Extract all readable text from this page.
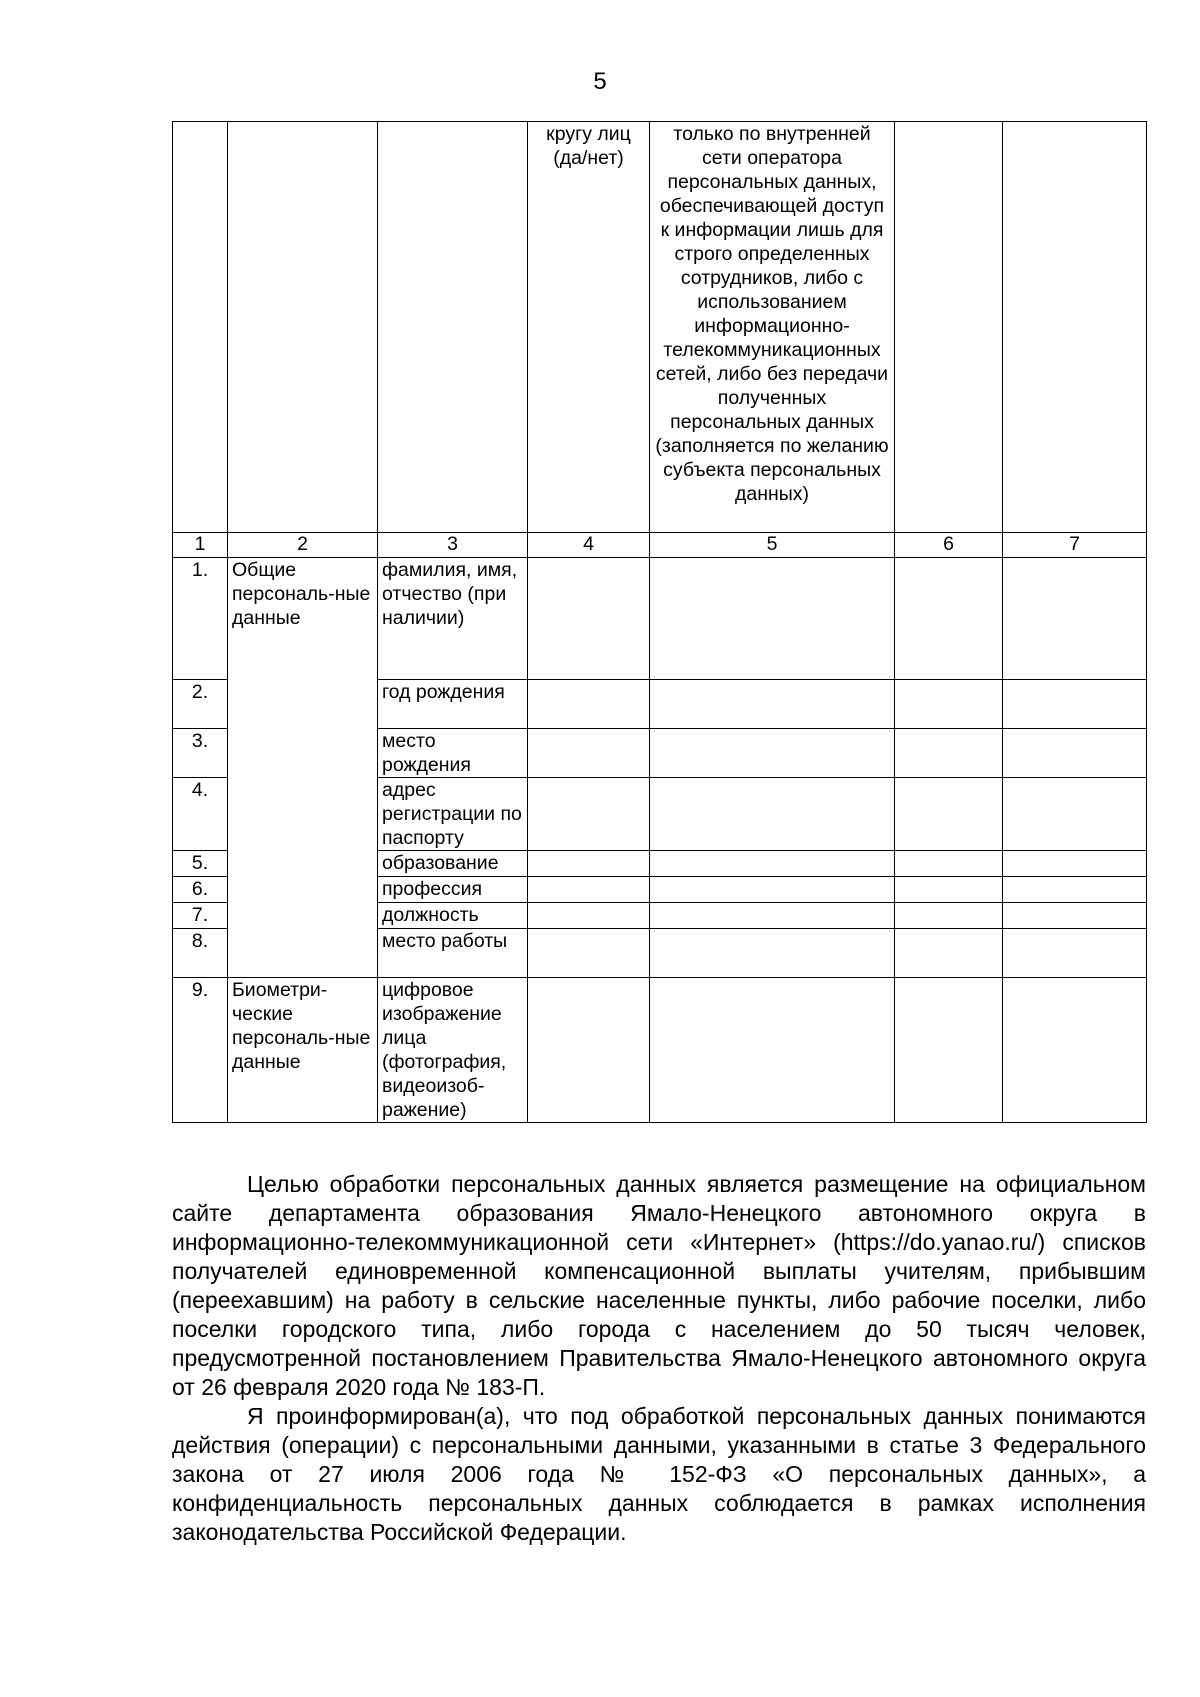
5
			кругу лиц (да/нет)	только по внутренней сети оператора персональных данных, обеспечивающей доступ к информации лишь для строго определенных сотрудников, либо с использованием информационно-телекоммуникационных сетей, либо без передачи полученных персональных данных (заполняется по желанию субъекта персональных данных)		
1	2	3	4	5	6	7
1.	Общие персональ-ные данные	фамилия, имя, отчество (при наличии)				
2.		год рождения				
3.		место рождения				
4.		адрес регистрации по паспорту				
5.		образование				
6.		профессия				
7.		должность				
8.		место работы				
9.	Биометри-ческие персональ-ные данные	цифровое изображение лица (фотография, видеоизоб-ражение)				

Целью обработки персональных данных является размещение на официальном сайте департамента образования Ямало-Ненецкого автономного округа в информационно-телекоммуникационной сети «Интернет» (https://do.yanao.ru/) списков получателей единовременной компенсационной выплаты учителям, прибывшим (переехавшим) на работу в сельские населенные пункты, либо рабочие поселки, либо поселки городского типа, либо города с населением до 50 тысяч человек, предусмотренной постановлением Правительства Ямало-Ненецкого автономного округа от 26 февраля 2020 года № 183-П.

Я проинформирован(а), что под обработкой персональных данных понимаются действия (операции) с персональными данными, указанными в статье 3 Федерального закона от 27 июля 2006 года № 152-ФЗ «О персональных данных», а конфиденциальность персональных данных соблюдается в рамках исполнения законодательства Российской Федерации.
